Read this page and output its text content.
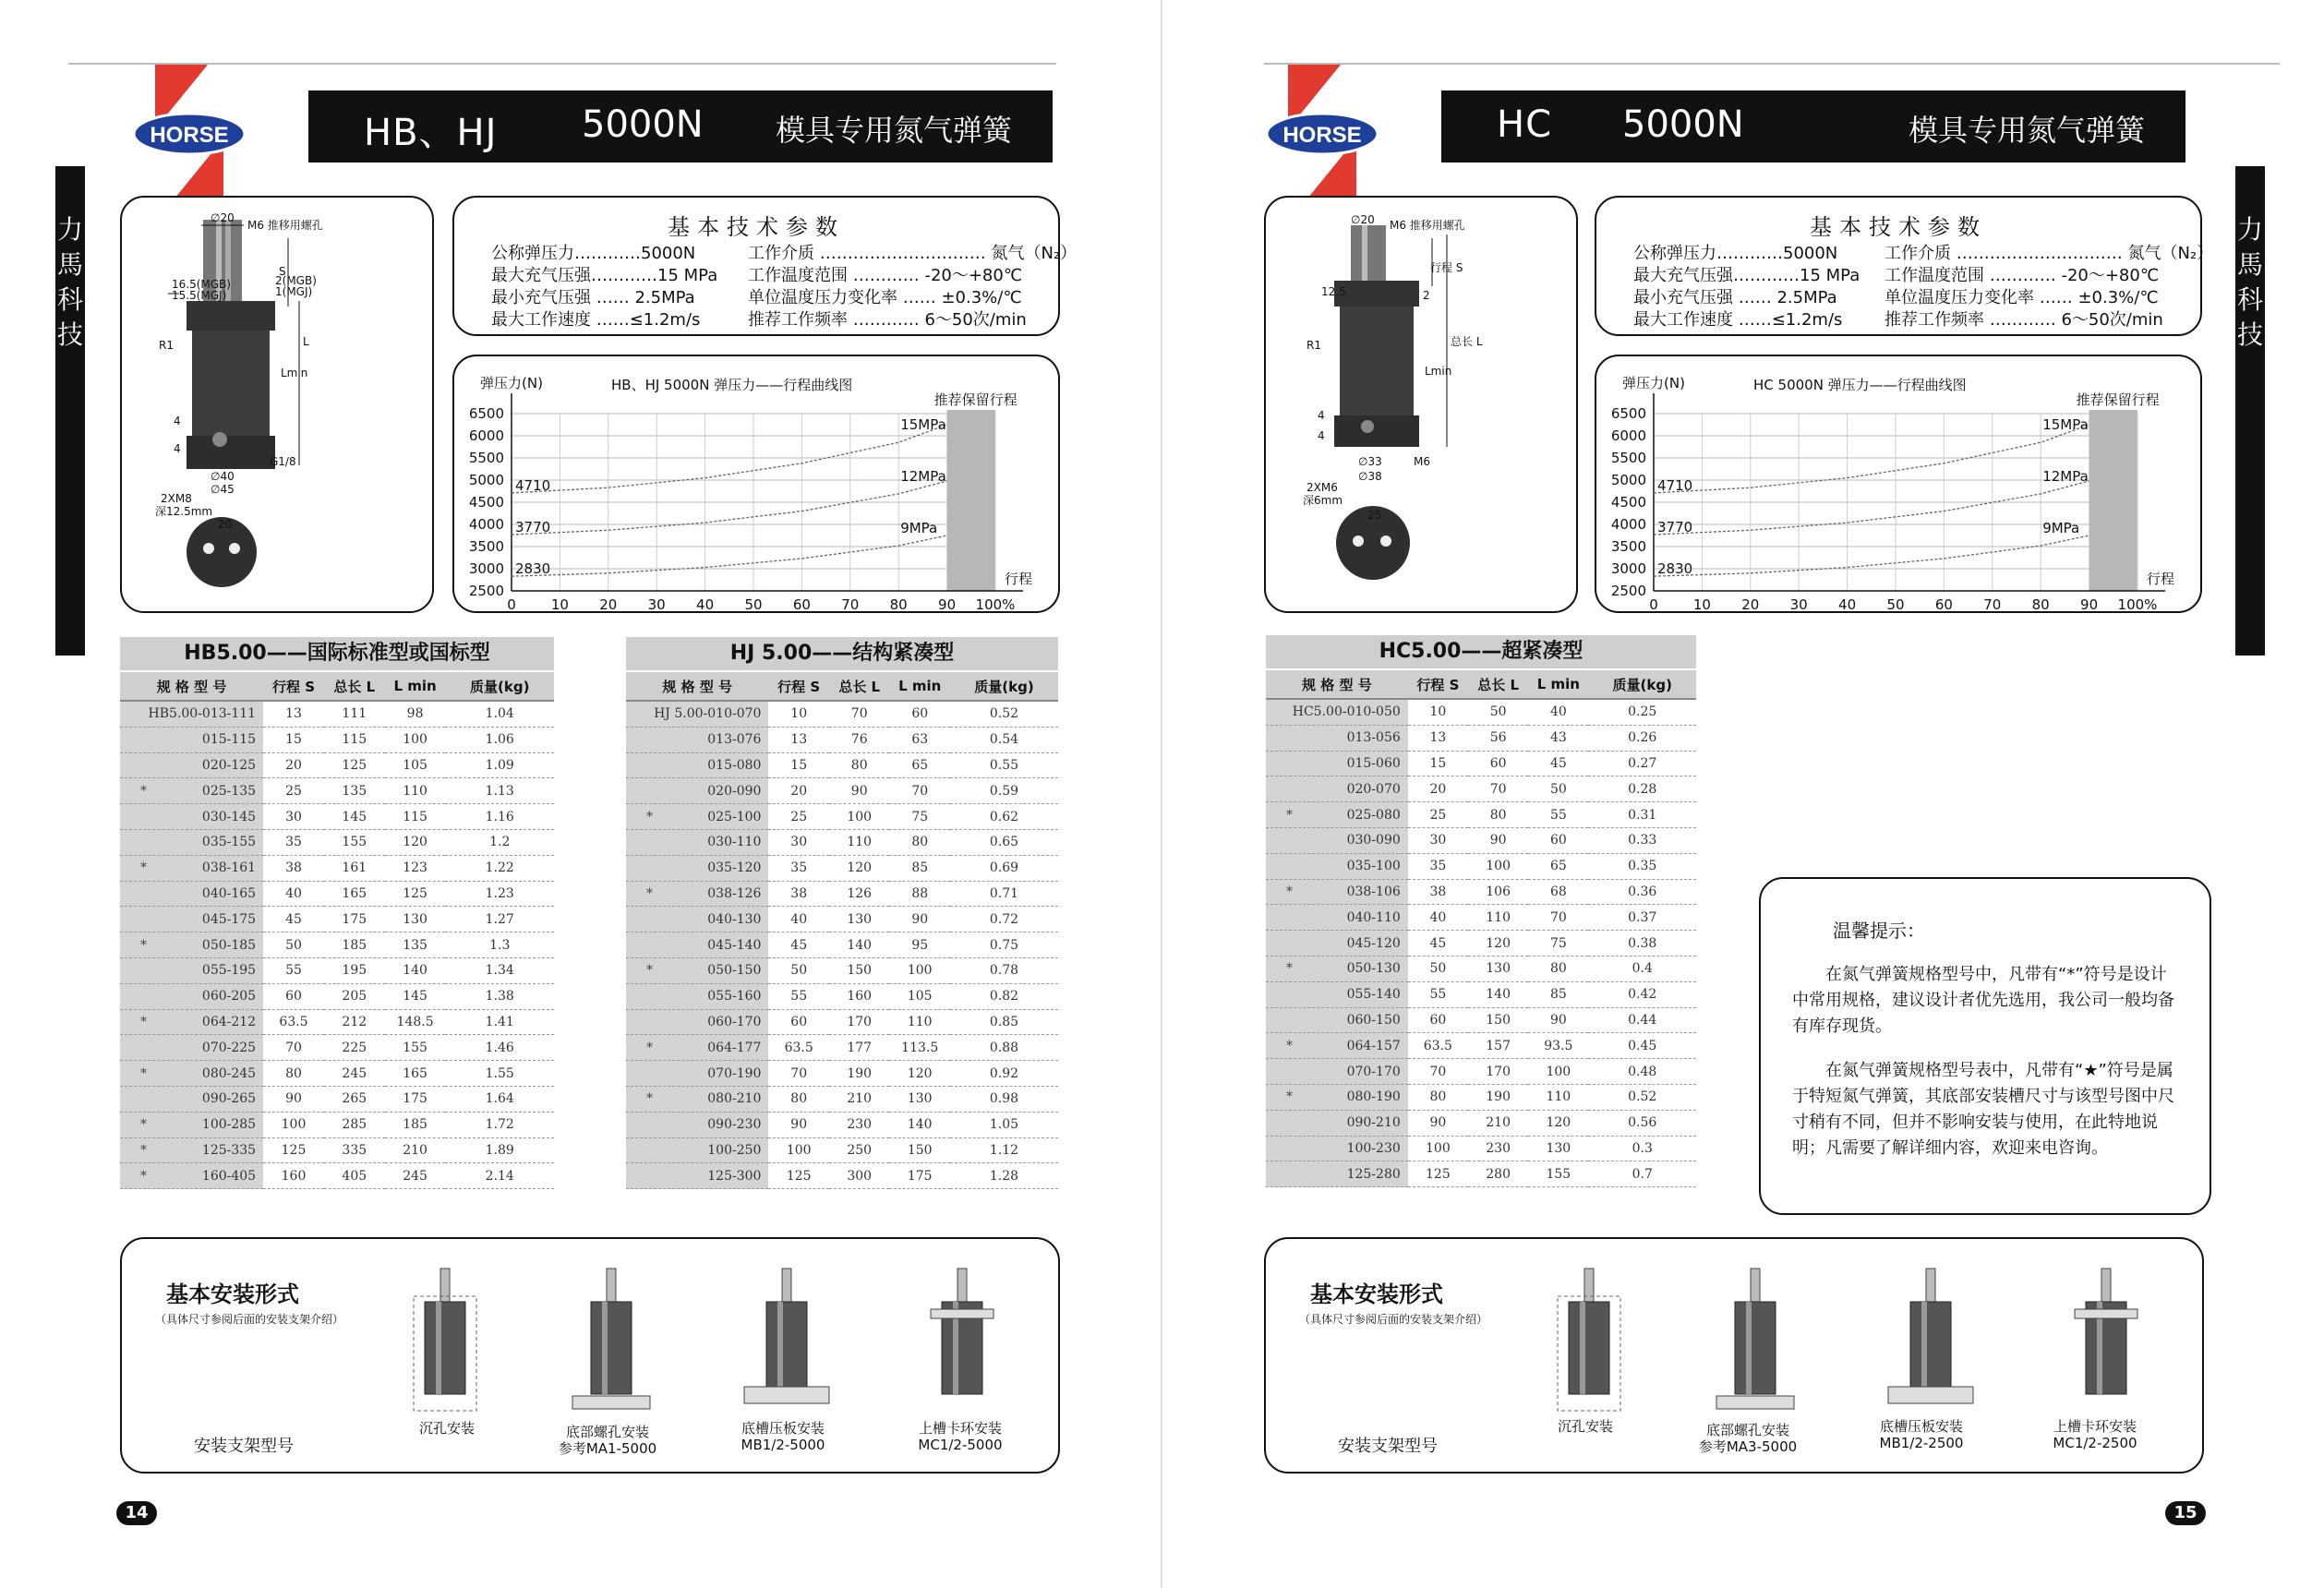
HORSE	HB、HJ 5000N 模具专用氮气弹簧
力馬科技
∅20
M6 推移用螺孔
S
16.5(MGB)
15.5(MGJ)
2(MGB)
1(MGJ)
L
R1
Lmin
4
4
G1/8
∅40
∅45
2XM8
深12.5mm
20
基本技术参数
公称弹压力…………5000N
最大充气压强…………15 MPa
最小充气压强 …… 2.5MPa
最大工作速度 ……≤1.2m/s
工作介质 ………………………… 氮气（N₂）
工作温度范围 ………… -20～+80℃
单位温度压力变化率 …… ±0.3%/℃
推荐工作频率 ………… 6～50次/min
HB、HJ 5000N 弹压力——行程曲线图
弹压力(N)
推荐保留行程
2500
3000
3500
4000
4500
5000
5500
6000
6500
0	10 20 30 40 50 60 70 80 90 100%
行程
4710
15MPa
3770
12MPa
2830
9MPa
HB5.00——国际标准型或国标型
规 格 型 号	行程 S	总长 L	L min	质量(kg)

HB5.00-013-111	13	111	98	1.04

015-115	15	115	100	1.06

020-125	20	125	105	1.09

* 025-135	25	135	110	1.13

030-145	30	145	115	1.16

035-155	35	155	120	1.2

* 038-161	38	161	123	1.22

040-165	40	165	125	1.23

045-175	45	175	130	1.27

* 050-185	50	185	135	1.3

055-195	55	195	140	1.34

060-205	60	205	145	1.38

* 064-212	63.5	212	148.5	1.41

070-225	70	225	155	1.46

* 080-245	80	245	165	1.55

090-265	90	265	175	1.64

* 100-285	100	285	185	1.72

* 125-335	125	335	210	1.89

* 160-405	160	405	245	2.14
HJ 5.00——结构紧凑型
规 格 型 号	行程 S	总长 L	L min	质量(kg)

HJ 5.00-010-070	10	70	60	0.52

013-076	13	76	63	0.54

015-080	15	80	65	0.55

020-090	20	90	70	0.59

* 025-100	25	100	75	0.62

030-110	30	110	80	0.65

035-120	35	120	85	0.69

* 038-126	38	126	88	0.71

040-130	40	130	90	0.72

045-140	45	140	95	0.75

* 050-150	50	150	100	0.78

055-160	55	160	105	0.82

060-170	60	170	110	0.85

* 064-177	63.5	177	113.5	0.88

070-190	70	190	120	0.92

* 080-210	80	210	130	0.98

090-230	90	230	140	1.05

100-250	100	250	150	1.12

125-300	125	300	175	1.28
基本安装形式
（具体尺寸参阅后面的安装支架介绍）
安装支架型号
沉孔安装	底部螺孔安装
参考MA1-5000
底槽压板安装
MB1/2-5000
上槽卡环安装
MC1/2-5000
14
HORSE	HC 5000N	模具专用氮气弹簧
力馬科技
∅20 M6 推移用螺孔
行程 S
12.5	2
总长 L
R1
Lmin
4
4
∅33
∅38
M6
2XM6
深6mm
25
基本技术参数
公称弹压力…………5000N
最大充气压强…………15 MPa
最小充气压强 …… 2.5MPa
最大工作速度 ……≤1.2m/s
工作介质 ………………………… 氮气（N₂）
工作温度范围 ………… -20～+80℃
单位温度压力变化率 …… ±0.3%/℃
推荐工作频率 ………… 6～50次/min
HC 5000N 弹压力——行程曲线图
弹压力(N)
推荐保留行程
2500
3000
3500
4000
4500
5000
5500
6000
6500
0	10 20 30 40 50 60 70 80 90 100%
行程
4710
15MPa
3770
12MPa
2830
9MPa
HC5.00——超紧凑型
规 格 型 号	行程 S	总长 L	L min	质量(kg)

HC5.00-010-050	10	50	40	0.25

013-056	13	56	43	0.26

015-060	15	60	45	0.27

020-070	20	70	50	0.28

* 025-080	25	80	55	0.31

030-090	30	90	60	0.33

035-100	35	100	65	0.35

* 038-106	38	106	68	0.36

040-110	40	110	70	0.37

045-120	45	120	75	0.38

* 050-130	50	130	80	0.4

055-140	55	140	85	0.42

060-150	60	150	90	0.44

* 064-157	63.5	157	93.5	0.45

070-170	70	170	100	0.48

* 080-190	80	190	110	0.52

090-210	90	210	120	0.56

100-230	100	230	130	0.3

125-280	125	280	155	0.7
温馨提示：
在氮气弹簧规格型号中，凡带有“*”符号是设计中常用规格，建议设计者优先选用，我公司一般均备有库存现货。
在氮气弹簧规格型号表中，凡带有“★”符号是属于特短氮气弹簧，其底部安装槽尺寸与该型号图中尺寸稍有不同，但并不影响安装与使用，在此特地说明；凡需要了解详细内容，欢迎来电咨询。
基本安装形式
（具体尺寸参阅后面的安装支架介绍）
安装支架型号
沉孔安装	底部螺孔安装
参考MA3-5000
底槽压板安装
MB1/2-2500
上槽卡环安装
MC1/2-2500
15
